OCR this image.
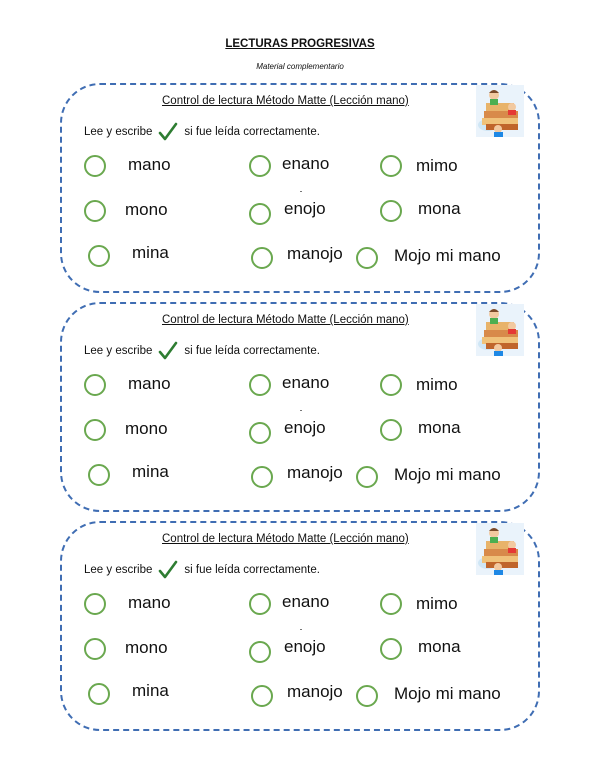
LECTURAS PROGRESIVAS
Material complementario
Control de lectura Método Matte (Lección mano)
Lee y escribe	si fue leída correctamente.
mano	enano	mimo
mono	enojo	mona
mina	manojo	Mojo mi mano
Control de lectura Método Matte (Lección mano)
Lee y escribe	si fue leída correctamente.
mano	enano	mimo
mono	enojo	mona
mina	manojo	Mojo mi mano
Control de lectura Método Matte (Lección mano)
Lee y escribe	si fue leída correctamente.
mano	enano	mimo
mono	enojo	mona
mina	manojo	Mojo mi mano
